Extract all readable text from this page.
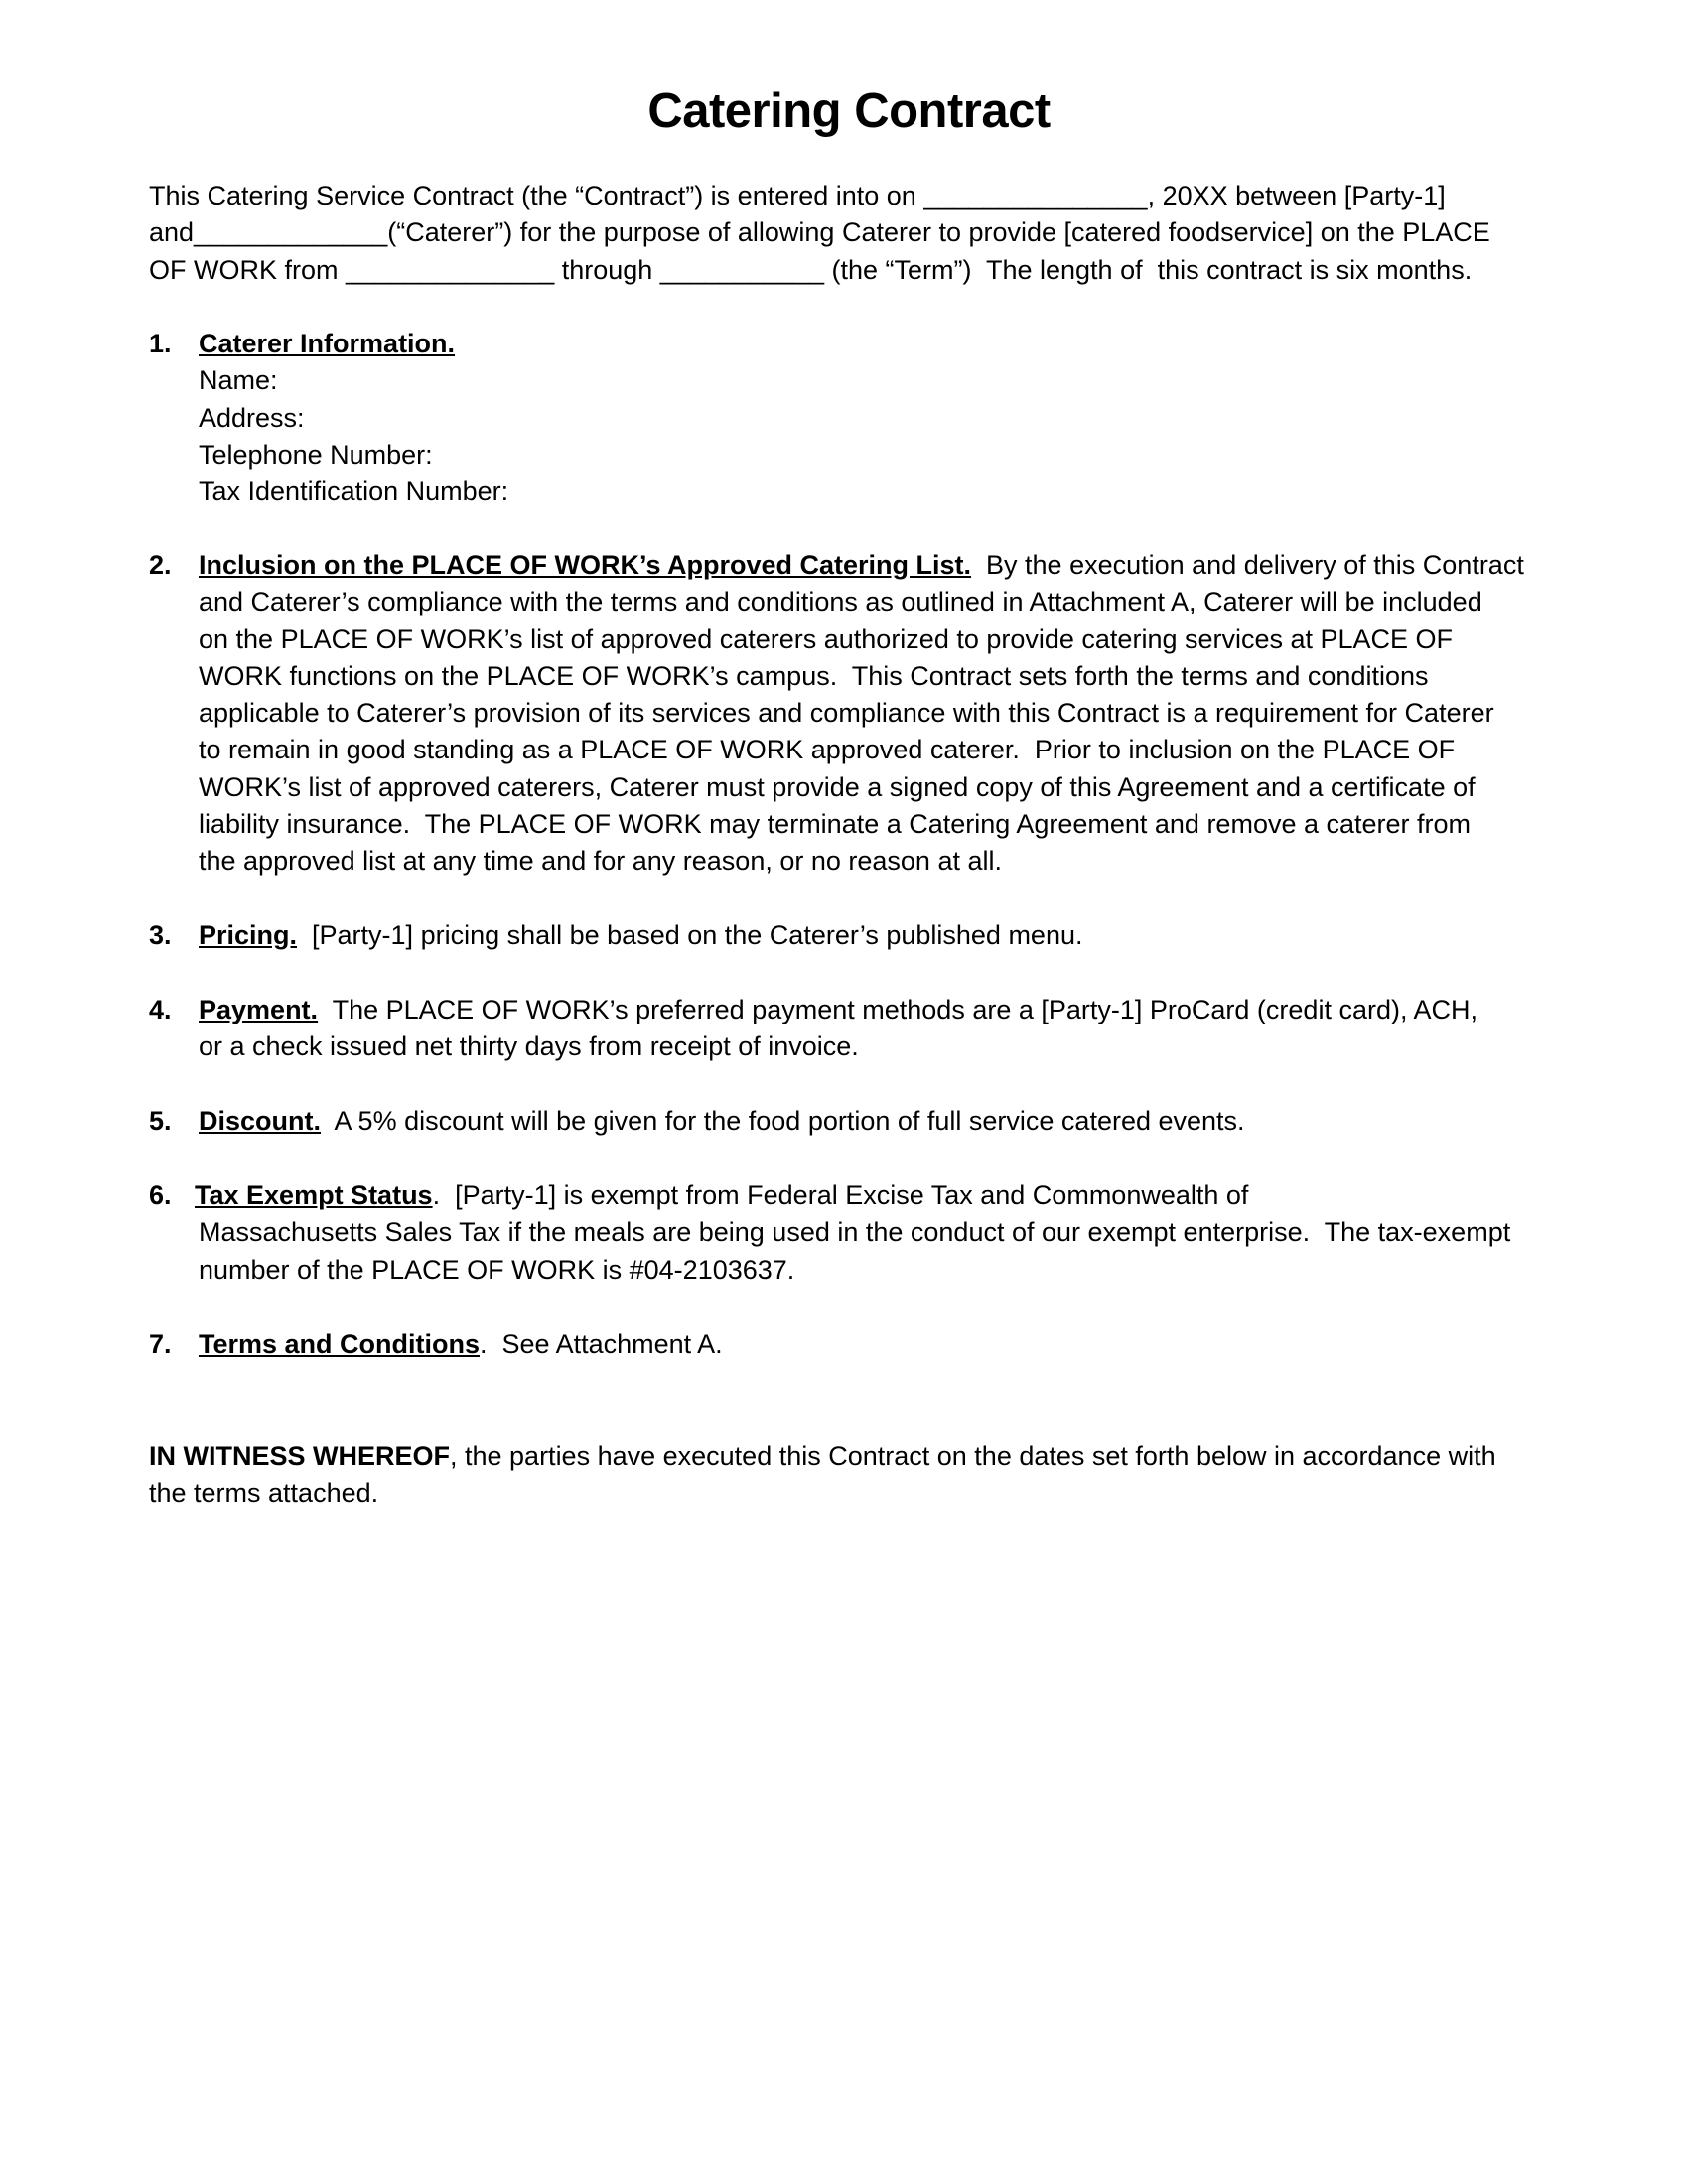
Catering Contract
This Catering Service Contract (the “Contract”) is entered into on _______________, 20XX between [Party-1]
and_____________(“Caterer”) for the purpose of allowing Caterer to provide [catered foodservice] on the PLACE
OF WORK from ______________ through ___________ (the “Term”)  The length of  this contract is six months.
1. Caterer Information.
Name:
Address:
Telephone Number:
Tax Identification Number:
2. Inclusion on the PLACE OF WORK’s Approved Catering List.  By the execution and delivery of this Contract
and Caterer’s compliance with the terms and conditions as outlined in Attachment A, Caterer will be included
on the PLACE OF WORK’s list of approved caterers authorized to provide catering services at PLACE OF
WORK functions on the PLACE OF WORK’s campus.  This Contract sets forth the terms and conditions
applicable to Caterer’s provision of its services and compliance with this Contract is a requirement for Caterer
to remain in good standing as a PLACE OF WORK approved caterer.  Prior to inclusion on the PLACE OF
WORK’s list of approved caterers, Caterer must provide a signed copy of this Agreement and a certificate of
liability insurance.  The PLACE OF WORK may terminate a Catering Agreement and remove a caterer from
the approved list at any time and for any reason, or no reason at all.
3. Pricing.  [Party-1] pricing shall be based on the Caterer’s published menu.
4. Payment.  The PLACE OF WORK’s preferred payment methods are a [Party-1] ProCard (credit card), ACH,
or a check issued net thirty days from receipt of invoice.
5. Discount.  A 5% discount will be given for the food portion of full service catered events.
6. Tax Exempt Status.  [Party-1] is exempt from Federal Excise Tax and Commonwealth of
Massachusetts Sales Tax if the meals are being used in the conduct of our exempt enterprise.  The tax-exempt
number of the PLACE OF WORK is #04-2103637.
7. Terms and Conditions.  See Attachment A.
IN WITNESS WHEREOF, the parties have executed this Contract on the dates set forth below in accordance with
the terms attached.
